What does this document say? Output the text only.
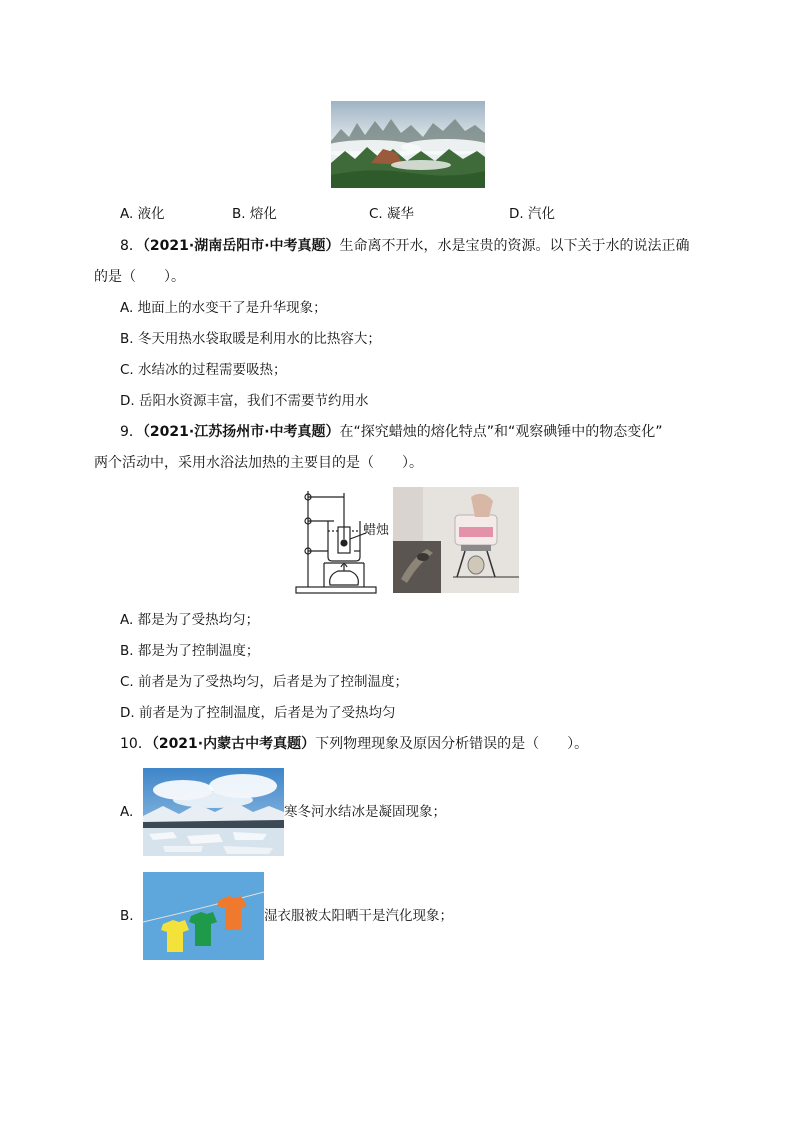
A. 液化	B. 熔化	C. 凝华	D. 汽化
8．（2021·湖南岳阳市·中考真题）生命离不开水，水是宝贵的资源。以下关于水的说法正确
的是（　　）。
A. 地面上的水变干了是升华现象；
B. 冬天用热水袋取暖是利用水的比热容大；
C. 水结冰的过程需要吸热；
D. 岳阳水资源丰富，我们不需要节约用水
9．（2021·江苏扬州市·中考真题）在“探究蜡烛的熔化特点”和“观察碘锤中的物态变化”
两个活动中，采用水浴法加热的主要目的是（　　）。
蜡烛
A. 都是为了受热均匀；
B. 都是为了控制温度；
C. 前者是为了受热均匀，后者是为了控制温度；
D. 前者是为了控制温度，后者是为了受热均匀
10．（2021·内蒙古中考真题）下列物理现象及原因分析错误的是（　　）。
A.	寒冬河水结冰是凝固现象；
B.	湿衣服被太阳晒干是汽化现象；
